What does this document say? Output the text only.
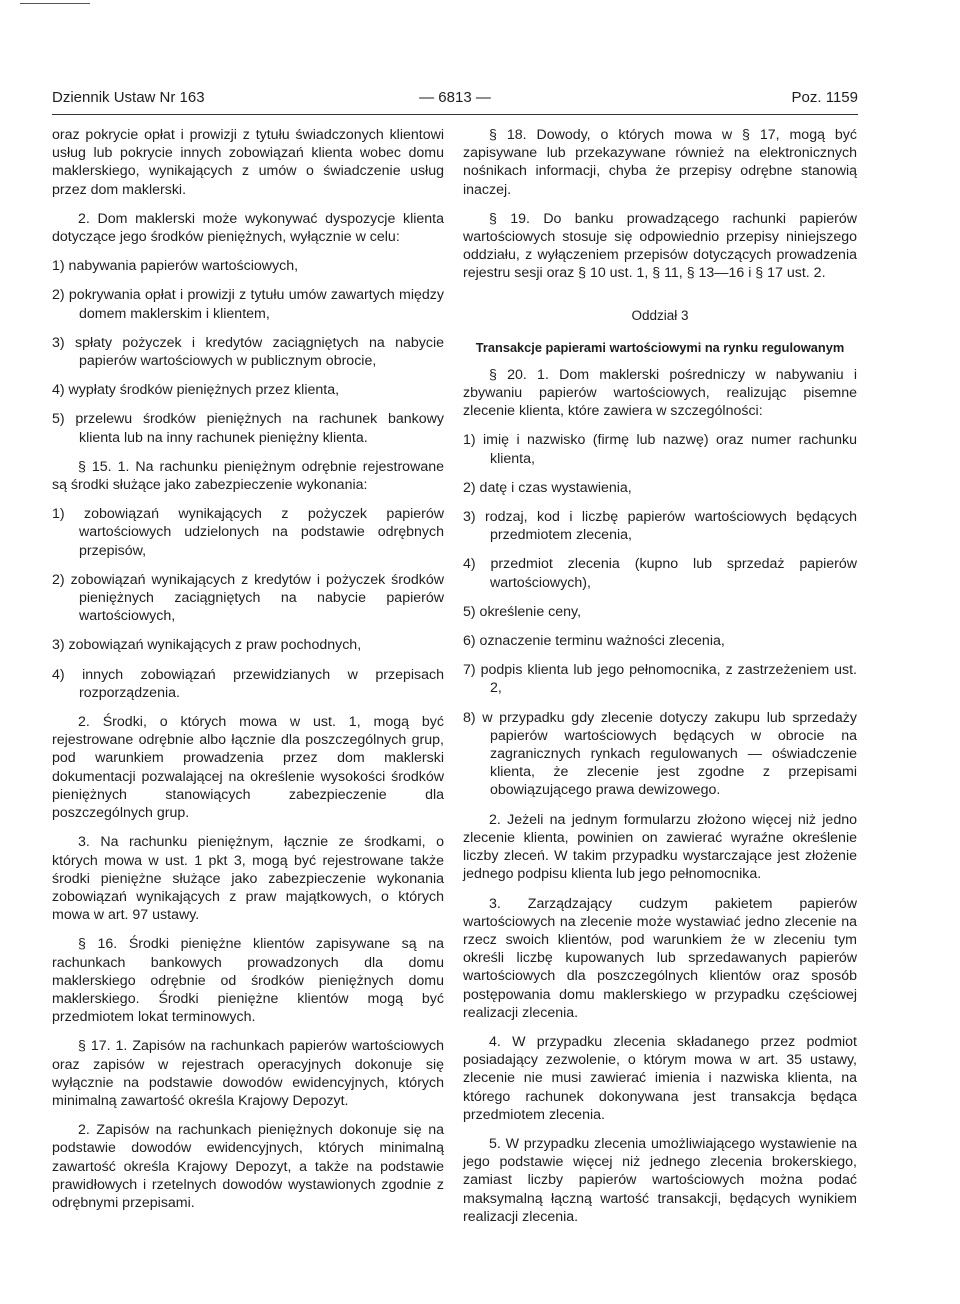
Dziennik Ustaw Nr 163	— 6813 —	Poz. 1159

oraz pokrycie opłat i prowizji z tytułu świadczonych klientowi usług lub pokrycie innych zobowiązań klienta wobec domu maklerskiego, wynikających z umów o świadczenie usług przez dom maklerski.

2. Dom maklerski może wykonywać dyspozycje klienta dotyczące jego środków pieniężnych, wyłącznie w celu:

1) nabywania papierów wartościowych,

2) pokrywania opłat i prowizji z tytułu umów zawartych między domem maklerskim i klientem,

3) spłaty pożyczek i kredytów zaciągniętych na nabycie papierów wartościowych w publicznym obrocie,

4) wypłaty środków pieniężnych przez klienta,

5) przelewu środków pieniężnych na rachunek bankowy klienta lub na inny rachunek pieniężny klienta.

§ 15. 1. Na rachunku pieniężnym odrębnie rejestrowane są środki służące jako zabezpieczenie wykonania:

1) zobowiązań wynikających z pożyczek papierów wartościowych udzielonych na podstawie odrębnych przepisów,

2) zobowiązań wynikających z kredytów i pożyczek środków pieniężnych zaciągniętych na nabycie papierów wartościowych,

3) zobowiązań wynikających z praw pochodnych,

4) innych zobowiązań przewidzianych w przepisach rozporządzenia.

2. Środki, o których mowa w ust. 1, mogą być rejestrowane odrębnie albo łącznie dla poszczególnych grup, pod warunkiem prowadzenia przez dom maklerski dokumentacji pozwalającej na określenie wysokości środków pieniężnych stanowiących zabezpieczenie dla poszczególnych grup.

3. Na rachunku pieniężnym, łącznie ze środkami, o których mowa w ust. 1 pkt 3, mogą być rejestrowane także środki pieniężne służące jako zabezpieczenie wykonania zobowiązań wynikających z praw majątkowych, o których mowa w art. 97 ustawy.

§ 16. Środki pieniężne klientów zapisywane są na rachunkach bankowych prowadzonych dla domu maklerskiego odrębnie od środków pieniężnych domu maklerskiego. Środki pieniężne klientów mogą być przedmiotem lokat terminowych.

§ 17. 1. Zapisów na rachunkach papierów wartościowych oraz zapisów w rejestrach operacyjnych dokonuje się wyłącznie na podstawie dowodów ewidencyjnych, których minimalną zawartość określa Krajowy Depozyt.

2. Zapisów na rachunkach pieniężnych dokonuje się na podstawie dowodów ewidencyjnych, których minimalną zawartość określa Krajowy Depozyt, a także na podstawie prawidłowych i rzetelnych dowodów wystawionych zgodnie z odrębnymi przepisami.

§ 18. Dowody, o których mowa w § 17, mogą być zapisywane lub przekazywane również na elektronicznych nośnikach informacji, chyba że przepisy odrębne stanowią inaczej.

§ 19. Do banku prowadzącego rachunki papierów wartościowych stosuje się odpowiednio przepisy niniejszego oddziału, z wyłączeniem przepisów dotyczących prowadzenia rejestru sesji oraz § 10 ust. 1, § 11, § 13—16 i § 17 ust. 2.

Oddział 3

Transakcje papierami wartościowymi na rynku regulowanym

§ 20. 1. Dom maklerski pośredniczy w nabywaniu i zbywaniu papierów wartościowych, realizując pisemne zlecenie klienta, które zawiera w szczególności:

1) imię i nazwisko (firmę lub nazwę) oraz numer rachunku klienta,

2) datę i czas wystawienia,

3) rodzaj, kod i liczbę papierów wartościowych będących przedmiotem zlecenia,

4) przedmiot zlecenia (kupno lub sprzedaż papierów wartościowych),

5) określenie ceny,

6) oznaczenie terminu ważności zlecenia,

7) podpis klienta lub jego pełnomocnika, z zastrzeżeniem ust. 2,

8) w przypadku gdy zlecenie dotyczy zakupu lub sprzedaży papierów wartościowych będących w obrocie na zagranicznych rynkach regulowanych — oświadczenie klienta, że zlecenie jest zgodne z przepisami obowiązującego prawa dewizowego.

2. Jeżeli na jednym formularzu złożono więcej niż jedno zlecenie klienta, powinien on zawierać wyraźne określenie liczby zleceń. W takim przypadku wystarczające jest złożenie jednego podpisu klienta lub jego pełnomocnika.

3. Zarządzający cudzym pakietem papierów wartościowych na zlecenie może wystawiać jedno zlecenie na rzecz swoich klientów, pod warunkiem że w zleceniu tym określi liczbę kupowanych lub sprzedawanych papierów wartościowych dla poszczególnych klientów oraz sposób postępowania domu maklerskiego w przypadku częściowej realizacji zlecenia.

4. W przypadku zlecenia składanego przez podmiot posiadający zezwolenie, o którym mowa w art. 35 ustawy, zlecenie nie musi zawierać imienia i nazwiska klienta, na którego rachunek dokonywana jest transakcja będąca przedmiotem zlecenia.

5. W przypadku zlecenia umożliwiającego wystawienie na jego podstawie więcej niż jednego zlecenia brokerskiego, zamiast liczby papierów wartościowych można podać maksymalną łączną wartość transakcji, będących wynikiem realizacji zlecenia.
